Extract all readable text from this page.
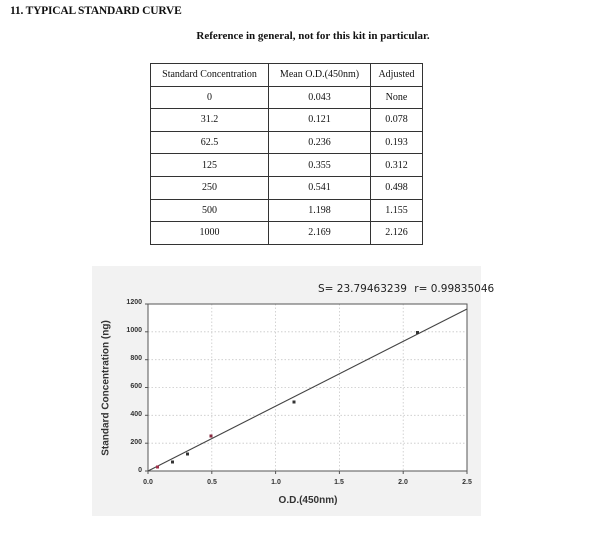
11. TYPICAL STANDARD CURVE
Reference in general, not for this kit in particular.
Standard Concentration	Mean O.D.(450nm)	Adjusted
0	0.043	None
31.2	0.121	0.078
62.5	0.236	0.193
125	0.355	0.312
250	0.541	0.498
500	1.198	1.155
1000	2.169	2.126
S= 23.79463239 r= 0.99835046
0
200
400
600
800
1000
1200
0.0	0.5	1.0	1.5	2.0	2.5
Standard Concentration (ng)
O.D.(450nm)
